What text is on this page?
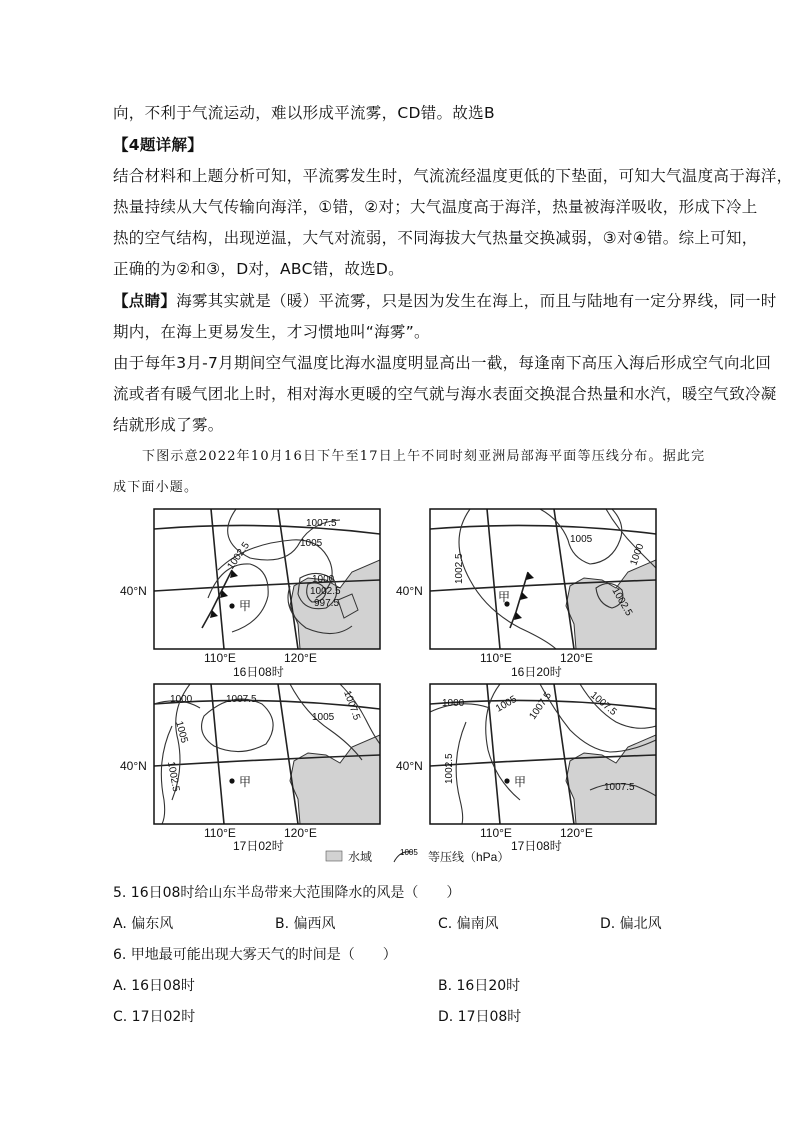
向，不利于气流运动，难以形成平流雾，CD错。故选B
【4题详解】
结合材料和上题分析可知，平流雾发生时，气流流经温度更低的下垫面，可知大气温度高于海洋，
热量持续从大气传输向海洋，①错，②对；大气温度高于海洋，热量被海洋吸收，形成下冷上
热的空气结构，出现逆温，大气对流弱，不同海拔大气热量交换减弱，③对④错。综上可知，
正确的为②和③，D对，ABC错，故选D。
【点睛】海雾其实就是（暖）平流雾，只是因为发生在海上，而且与陆地有一定分界线，同一时
期内，在海上更易发生，才习惯地叫“海雾”。
由于每年3月-7月期间空气温度比海水温度明显高出一截，每逢南下高压入海后形成空气向北回
流或者有暖气团北上时，相对海水更暖的空气就与海水表面交换混合热量和水汽，暖空气致冷凝
结就形成了雾。
下图示意2022年10月16日下午至17日上午不同时刻亚洲局部海平面等压线分布。据此完
成下面小题。
1007.5
1005
1002.5
1000
1002.5
997.5
甲
40°N
110°E	120°E
16日08时
1005
1002.5	1000
1002.5
甲
40°N
110°E	120°E
16日20时
1000	1007.5
1005
1005 1007.5
1002.5	甲
40°N
110°E	120°E
17日02时
1000	1005 1007.5	1007.5
1002.5
1007.5
甲
40°N
110°E	120°E
17日08时
水域	1005 等压线（hPa）
5. 16日08时给山东半岛带来大范围降水的风是（　　）
A. 偏东风	B. 偏西风	C. 偏南风	D. 偏北风
6. 甲地最可能出现大雾天气的时间是（　　）
A. 16日08时	B. 16日20时
C. 17日02时	D. 17日08时
